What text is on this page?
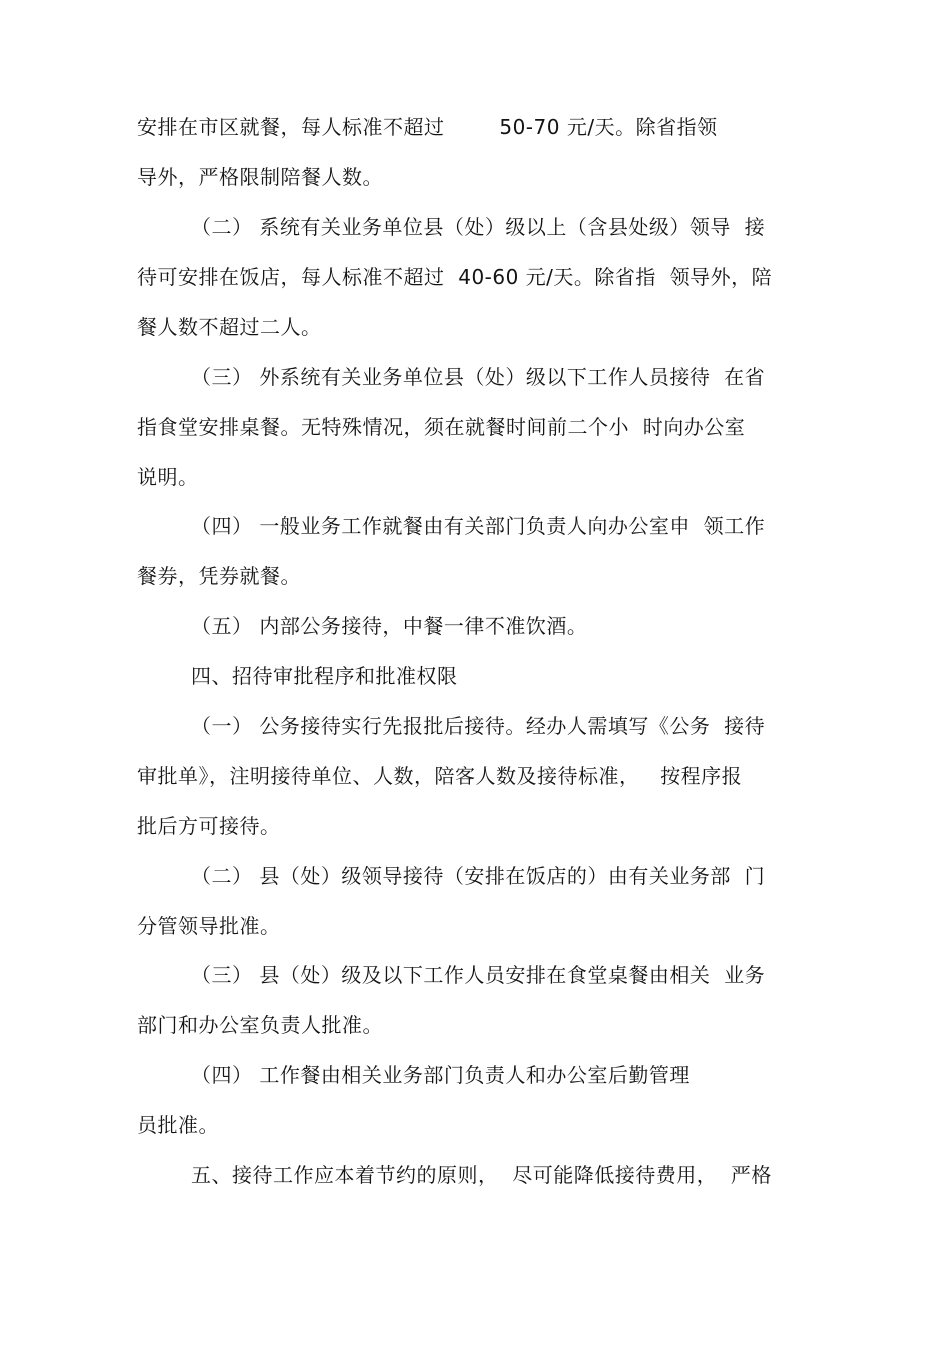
安排在市区就餐，每人标准不超过        50-70 元/天。除省指领
导外，严格限制陪餐人数。
（二） 系统有关业务单位县（处）级以上（含县处级）领导  接
待可安排在饭店，每人标准不超过  40-60 元/天。除省指  领导外，陪
餐人数不超过二人。
（三） 外系统有关业务单位县（处）级以下工作人员接待  在省
指食堂安排桌餐。无特殊情况，须在就餐时间前二个小  时向办公室
说明。
（四） 一般业务工作就餐由有关部门负责人向办公室申  领工作
餐券，凭券就餐。
（五） 内部公务接待，中餐一律不准饮酒。
四、招待审批程序和批准权限
（一） 公务接待实行先报批后接待。经办人需填写《公务  接待
审批单》，注明接待单位、人数，陪客人数及接待标准，   按程序报
批后方可接待。
（二） 县（处）级领导接待（安排在饭店的）由有关业务部  门
分管领导批准。
（三） 县（处）级及以下工作人员安排在食堂桌餐由相关  业务
部门和办公室负责人批准。
（四） 工作餐由相关业务部门负责人和办公室后勤管理
员批准。
五、接待工作应本着节约的原则，  尽可能降低接待费用，  严格
